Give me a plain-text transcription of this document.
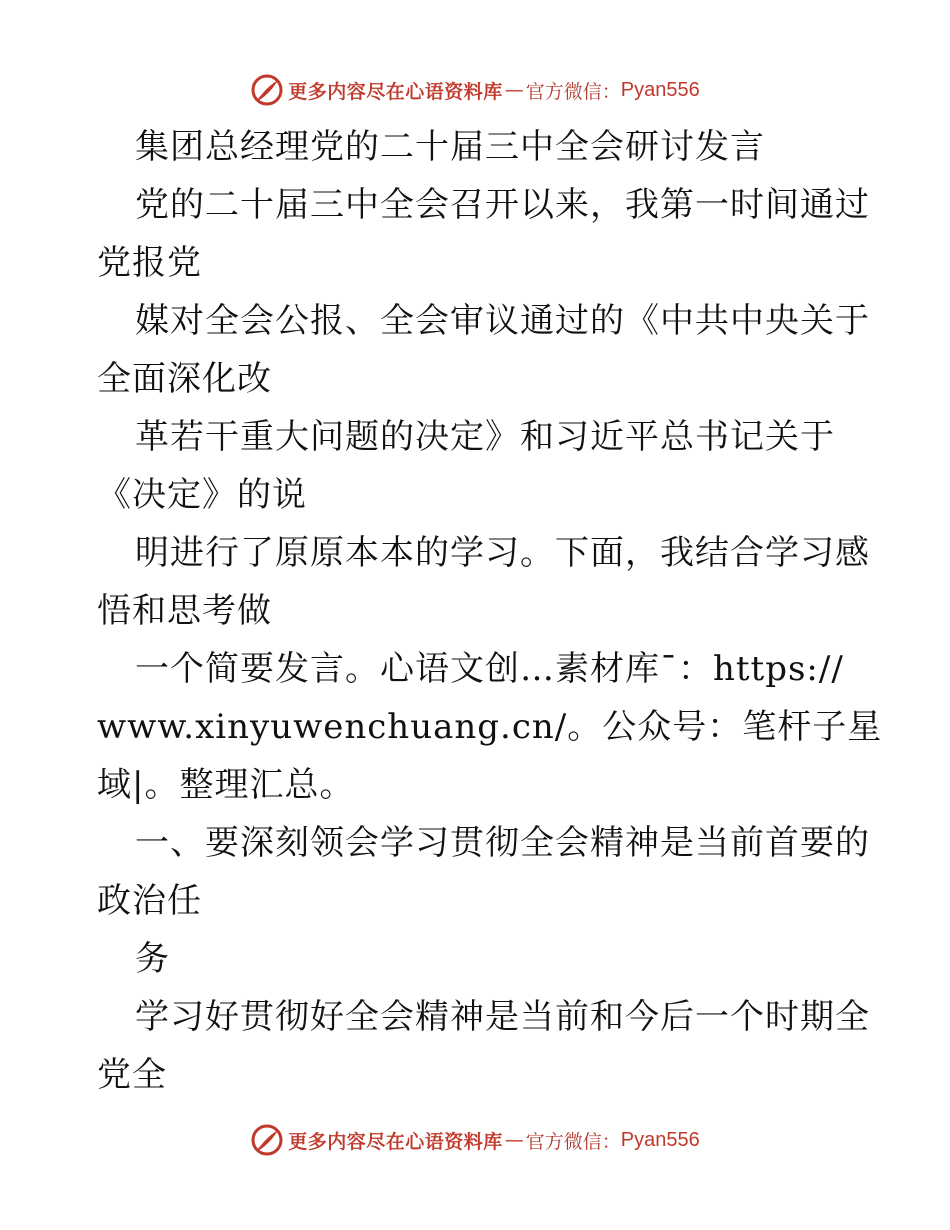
更多内容尽在心语资料库 — 官方微信： Pyan556
集团总经理党的二十届三中全会研讨发言
党的二十届三中全会召开以来，我第一时间通过
党报党
媒对全会公报、全会审议通过的《中共中央关于
全面深化改
革若干重大问题的决定》和习近平总书记关于
《决定》的说
明进行了原原本本的学习。下面，我结合学习感
悟和思考做
一个简要发言。心语文创…素材库¯：https://
www.xinyuwenchuang.cn/。公众号：笔杆子星
域|。整理汇总。
一、要深刻领会学习贯彻全会精神是当前首要的
政治任
务
学习好贯彻好全会精神是当前和今后一个时期全
党全
更多内容尽在心语资料库 — 官方微信： Pyan556
